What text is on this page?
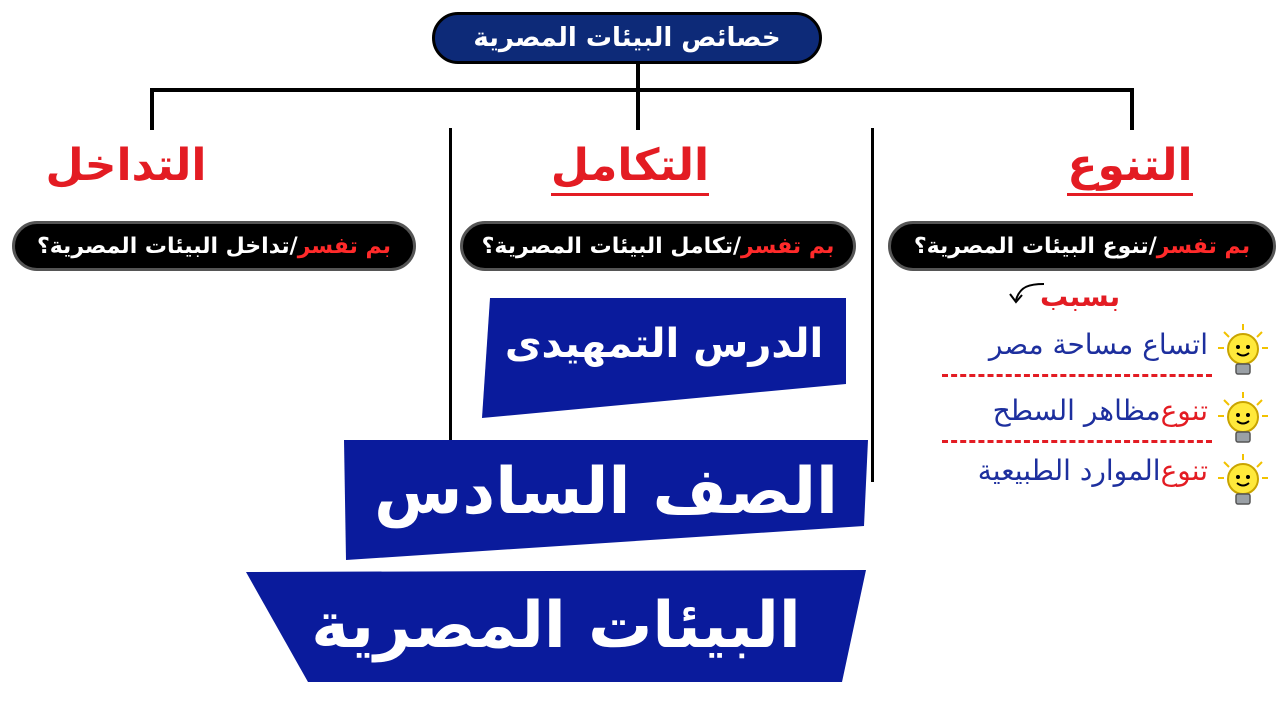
خصائص البيئات المصرية
التنوع
التكامل
التداخل
بم تفسر
/تنوع البيئات المصرية؟
بم تفسر
/تكامل البيئات المصرية؟
بم تفسر
/تداخل البيئات المصرية؟
بسبب
اتساع مساحة مصر
تنوع
مظاهر السطح
تنوع
الموارد الطبيعية
الدرس التمهيدى
الصف السادس
البيئات المصرية
